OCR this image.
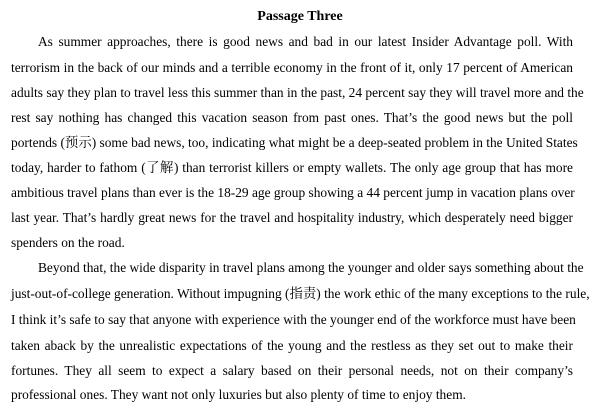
Passage Three
As summer approaches, there is good news and bad in our latest Insider Advantage poll. With
terrorism in the back of our minds and a terrible economy in the front of it, only 17 percent of American
adults say they plan to travel less this summer than in the past, 24 percent say they will travel more and the
rest say nothing has changed this vacation season from past ones. That’s the good news but the poll
portends (预示) some bad news, too, indicating what might be a deep-seated problem in the United States
today, harder to fathom (了解) than terrorist killers or empty wallets. The only age group that has more
ambitious travel plans than ever is the 18-29 age group showing a 44 percent jump in vacation plans over
last year. That’s hardly great news for the travel and hospitality industry, which desperately need bigger
spenders on the road.
Beyond that, the wide disparity in travel plans among the younger and older says something about the
just-out-of-college generation. Without impugning (指责) the work ethic of the many exceptions to the rule,
I think it’s safe to say that anyone with experience with the younger end of the workforce must have been
taken aback by the unrealistic expectations of the young and the restless as they set out to make their
fortunes. They all seem to expect a salary based on their personal needs, not on their company’s
professional ones. They want not only luxuries but also plenty of time to enjoy them.
